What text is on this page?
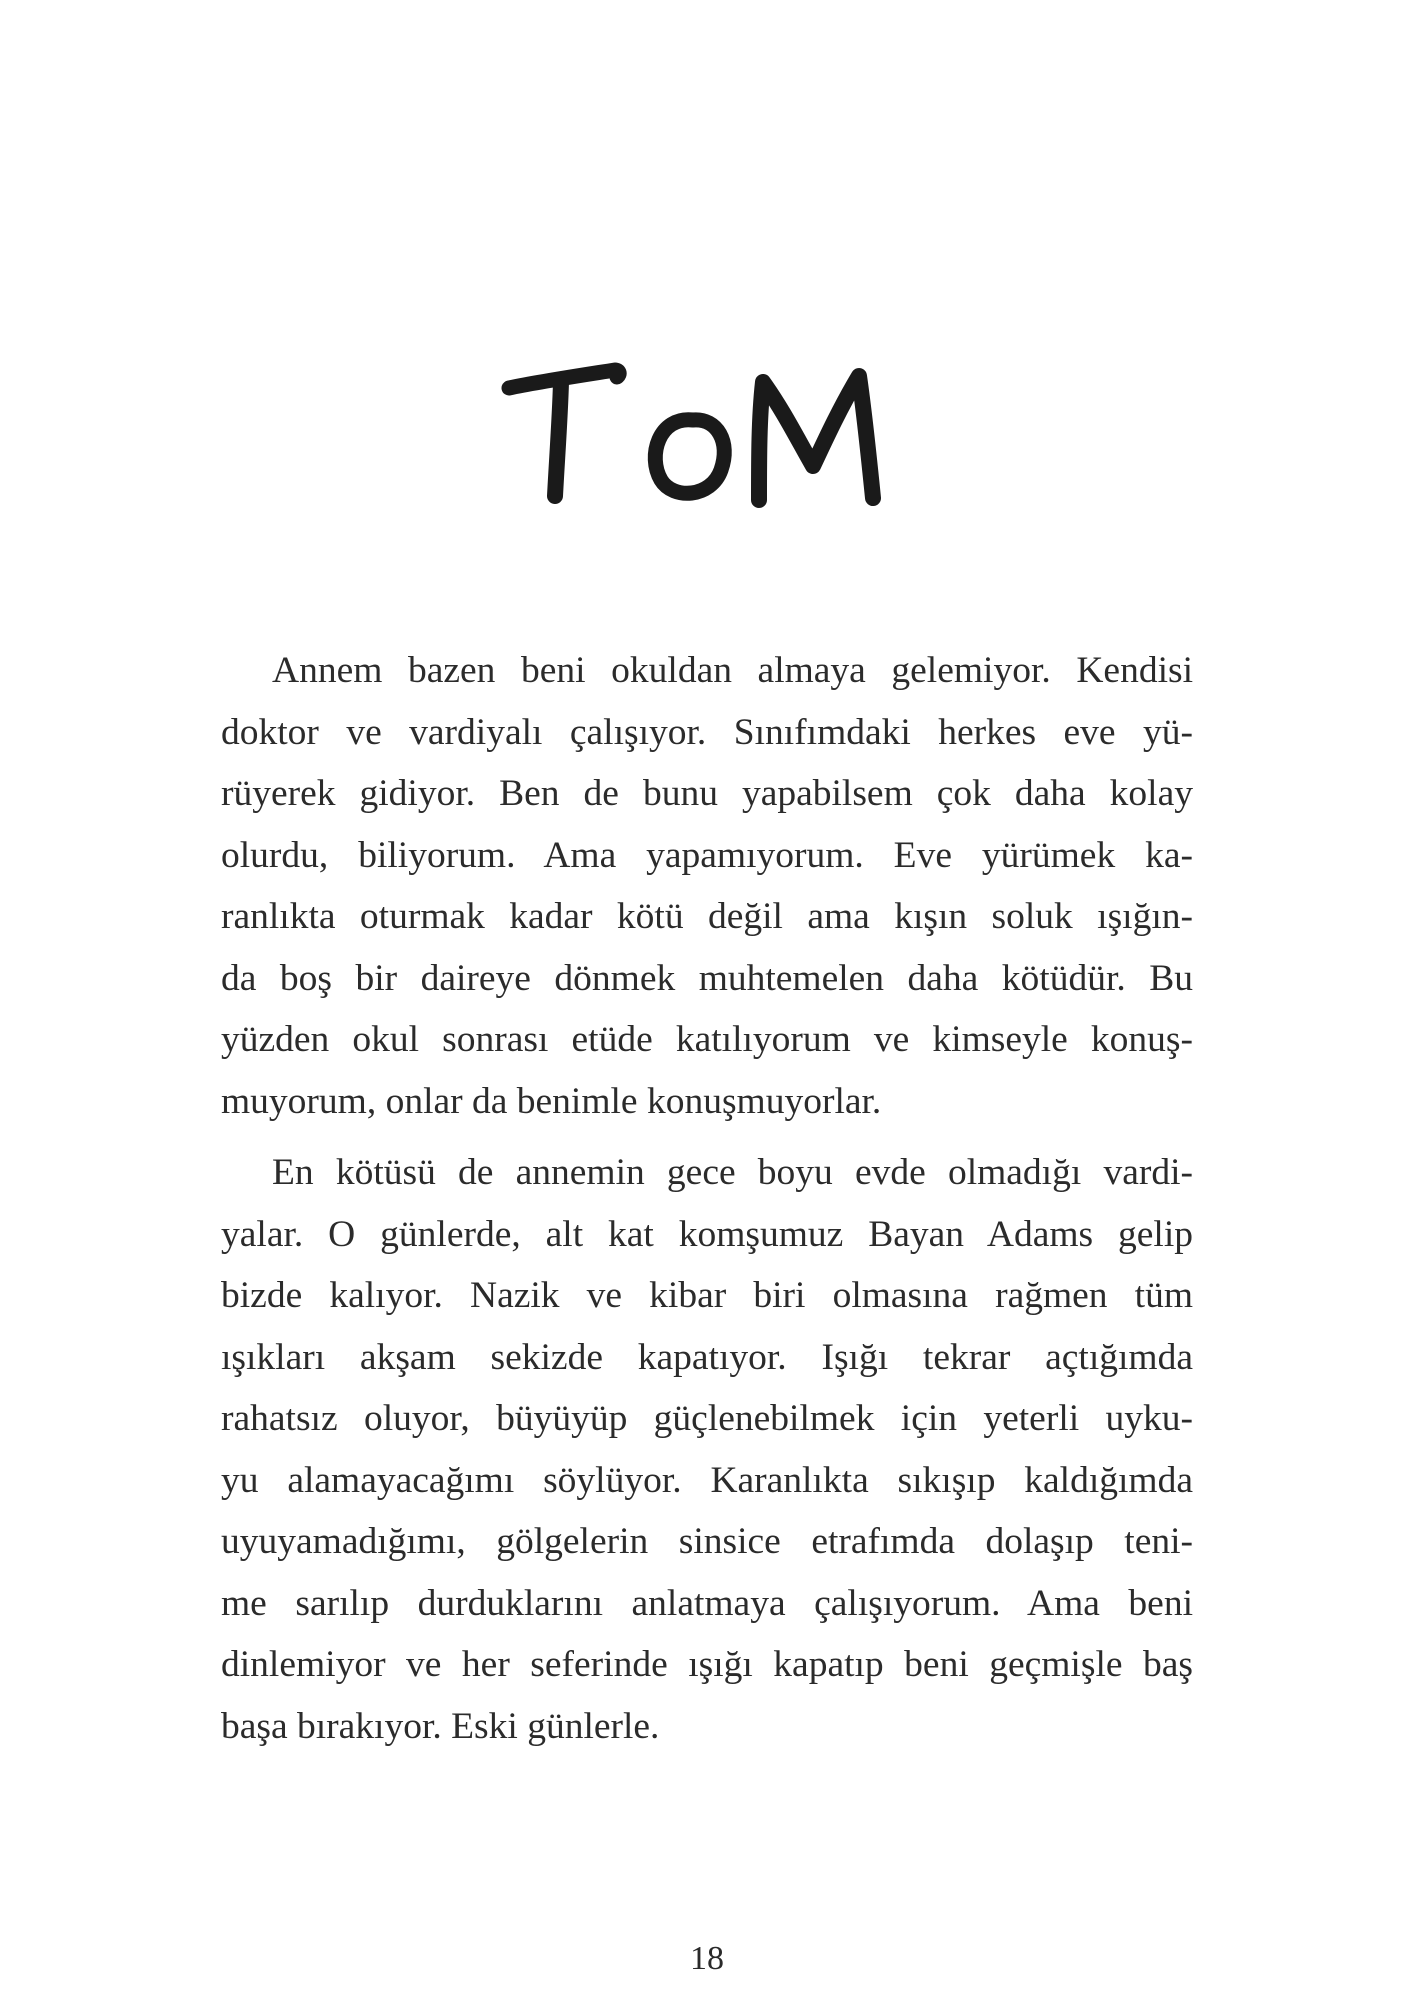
Annem bazen beni okuldan almaya gelemiyor. Kendisi
doktor ve vardiyalı çalışıyor. Sınıfımdaki herkes eve yü-
rüyerek gidiyor. Ben de bunu yapabilsem çok daha kolay
olurdu, biliyorum. Ama yapamıyorum. Eve yürümek ka-
ranlıkta oturmak kadar kötü değil ama kışın soluk ışığın-
da boş bir daireye dönmek muhtemelen daha kötüdür. Bu
yüzden okul sonrası etüde katılıyorum ve kimseyle konuş-
muyorum, onlar da benimle konuşmuyorlar.
En kötüsü de annemin gece boyu evde olmadığı vardi-
yalar. O günlerde, alt kat komşumuz Bayan Adams gelip
bizde kalıyor. Nazik ve kibar biri olmasına rağmen tüm
ışıkları akşam sekizde kapatıyor. Işığı tekrar açtığımda
rahatsız oluyor, büyüyüp güçlenebilmek için yeterli uyku-
yu alamayacağımı söylüyor. Karanlıkta sıkışıp kaldığımda
uyuyamadığımı, gölgelerin sinsice etrafımda dolaşıp teni-
me sarılıp durduklarını anlatmaya çalışıyorum. Ama beni
dinlemiyor ve her seferinde ışığı kapatıp beni geçmişle baş
başa bırakıyor. Eski günlerle.
18
